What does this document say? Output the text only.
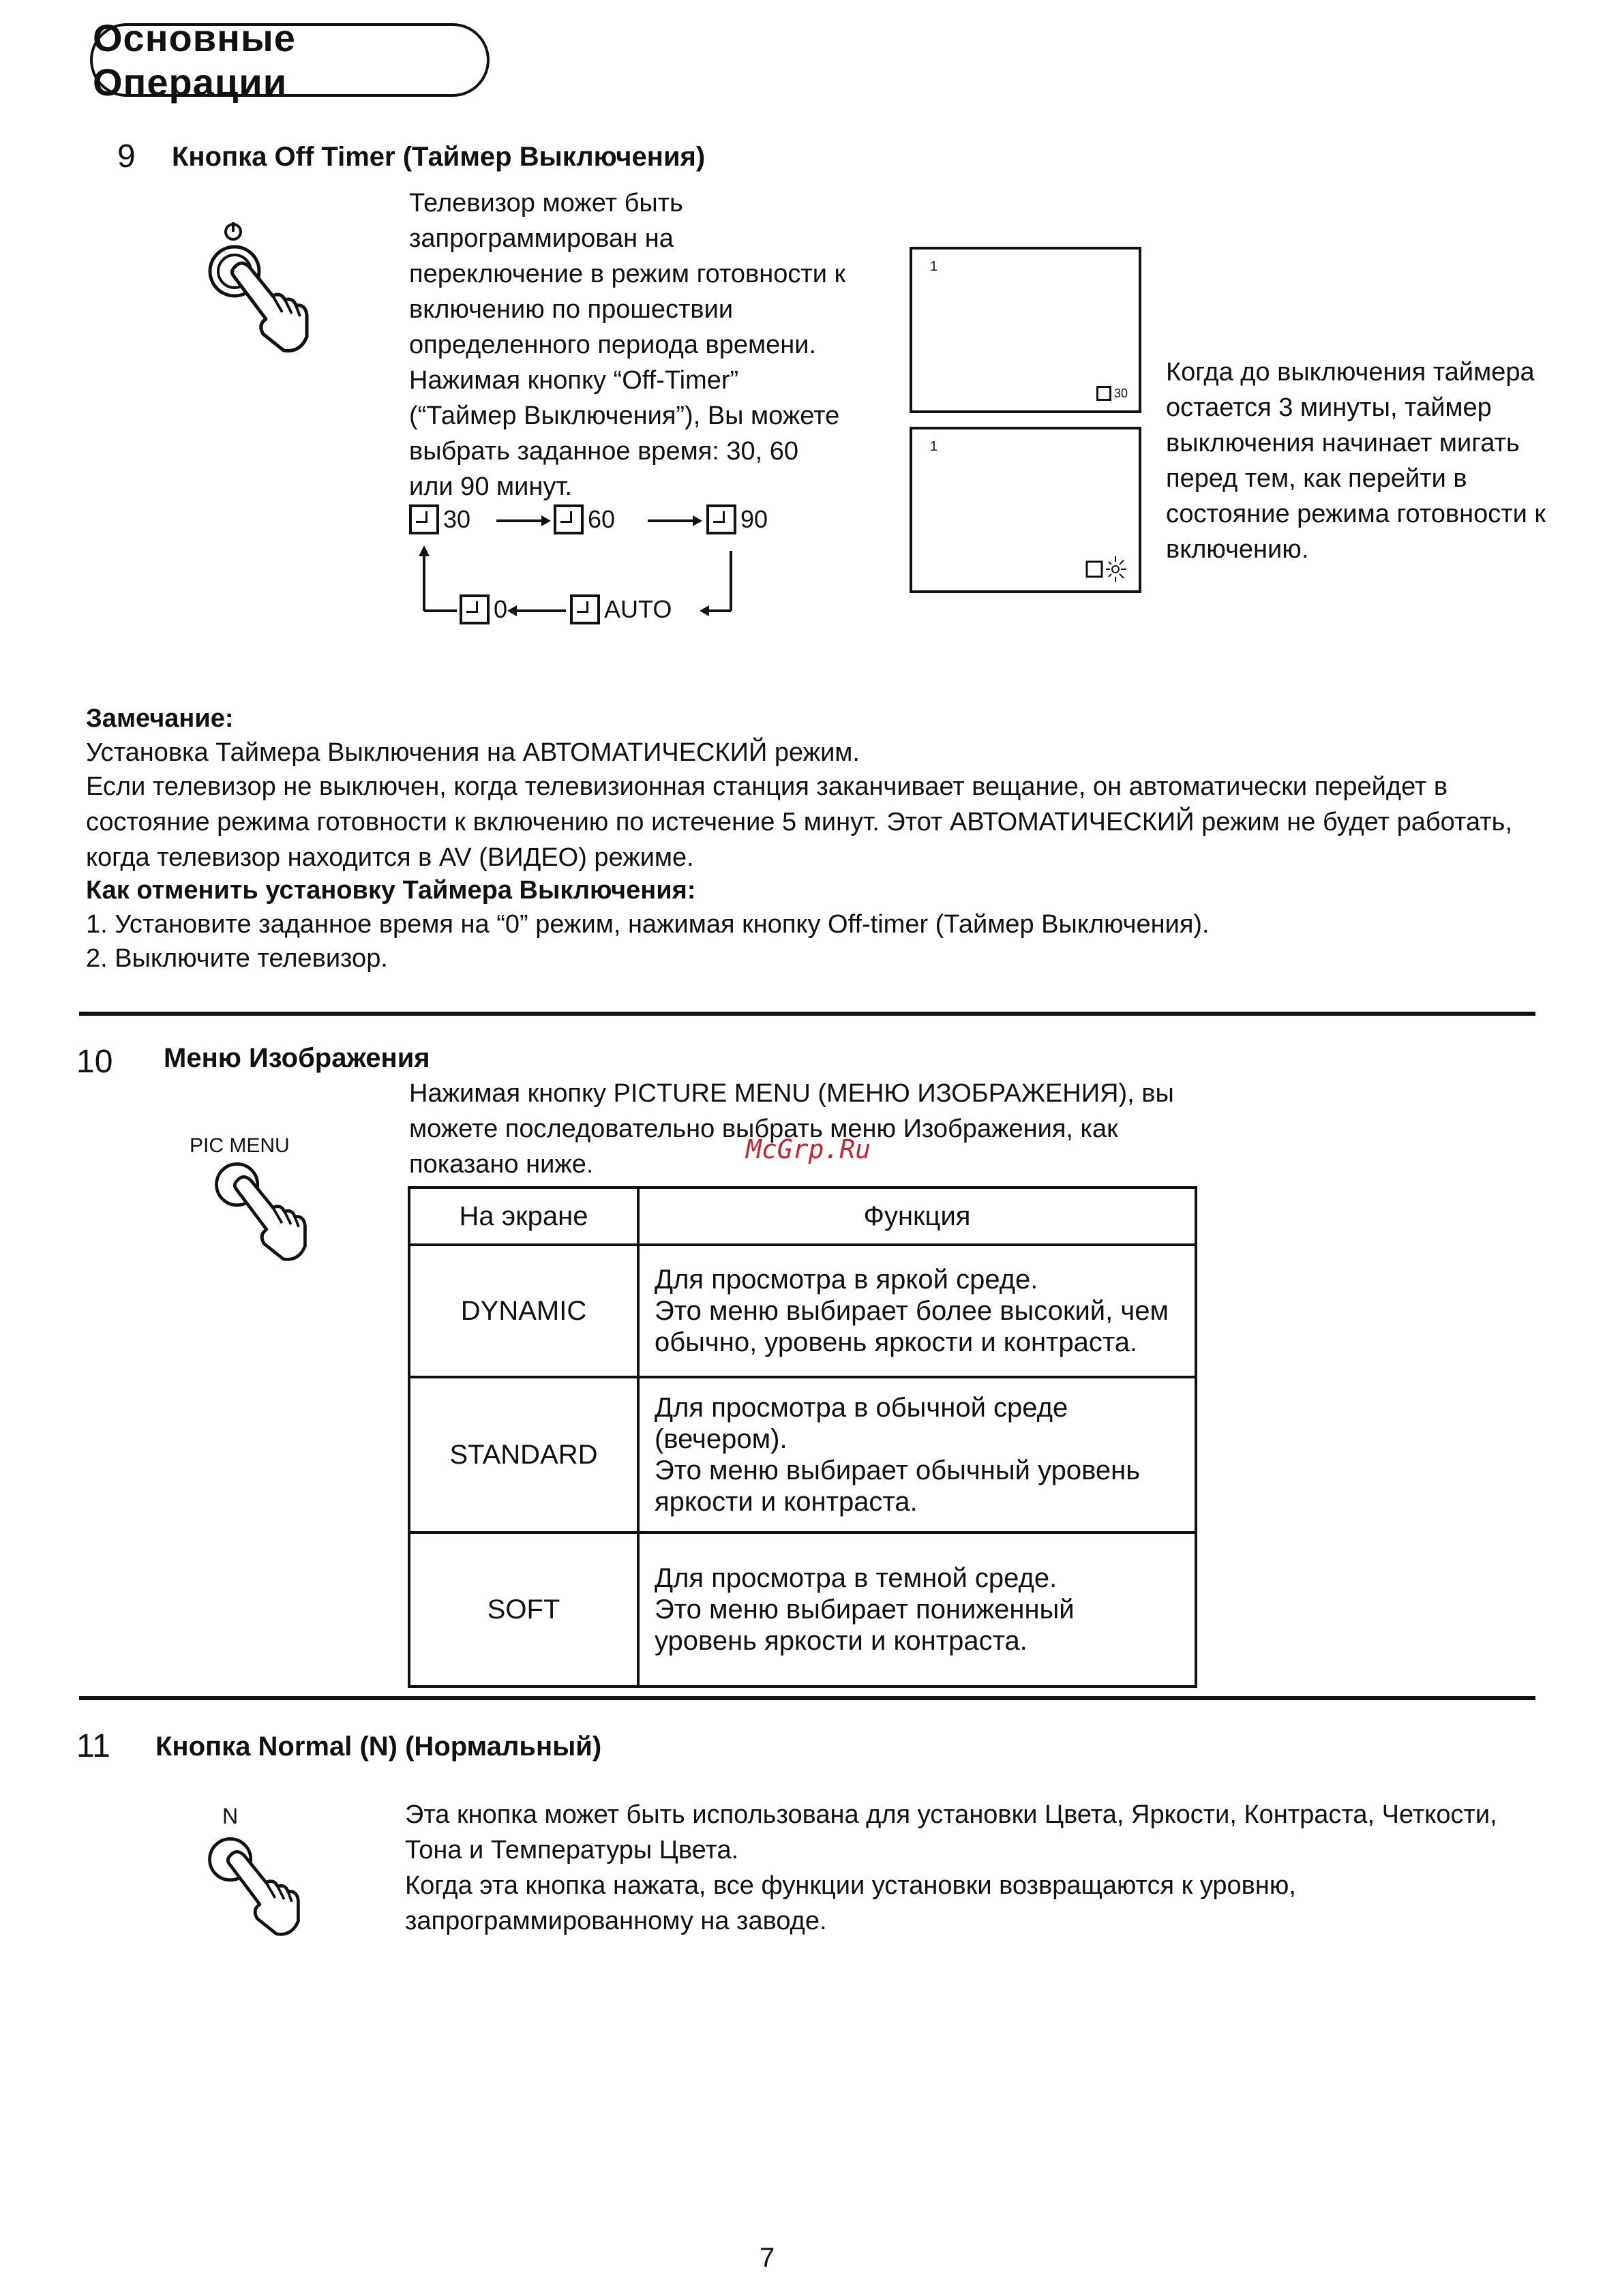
Основные Операции
9 Кнопка Off Timer (Таймер Выключения)
Телевизор может быть
запрограммирован на
переключение в режим готовности к
включению по прошествии
определенного периода времени.
Нажимая кнопку “Off-Timer”
(“Таймер Выключения”), Вы можете
выбрать заданное время: 30, 60
или 90 минут.
30	60	90
0	AUTO
1
30
1
Когда до выключения таймера
остается 3 минуты, таймер
выключения начинает мигать
перед тем, как перейти в
состояние режима готовности к
включению.
Замечание:
Установка Таймера Выключения на АВТОМАТИЧЕСКИЙ режим.
Если телевизор не выключен, когда телевизионная станция заканчивает вещание, он автоматически перейдет в
состояние режима готовности к включению по истечение 5 минут. Этот АВТОМАТИЧЕСКИЙ режим не будет работать,
когда телевизор находится в AV (ВИДЕО) режиме.
Как отменить установку Таймера Выключения:
1. Установите заданное время на “0” режим, нажимая кнопку Off-timer (Таймер Выключения).
2. Выключите телевизор.
10 Меню Изображения
PIC MENU
Нажимая кнопку PICTURE MENU (МЕНЮ ИЗОБРАЖЕНИЯ), вы
можете последовательно выбрать меню Изображения, как
показано ниже.	McGrp.Ru
На экране	Функция
DYNAMIC	Для просмотра в яркой среде.
Это меню выбирает более высокий, чем
обычно, уровень яркости и контраста.
STANDARD	Для просмотра в обычной среде
(вечером).
Это меню выбирает обычный уровень
яркости и контраста.
SOFT	Для просмотра в темной среде.
Это меню выбирает пониженный
уровень яркости и контраста.
11 Кнопка Normal (N) (Нормальный)
N	Эта кнопка может быть использована для установки Цвета, Яркости, Контраста, Четкости,
Тона и Температуры Цвета.
Когда эта кнопка нажата, все функции установки возвращаются к уровню,
запрограммированному на заводе.
7
